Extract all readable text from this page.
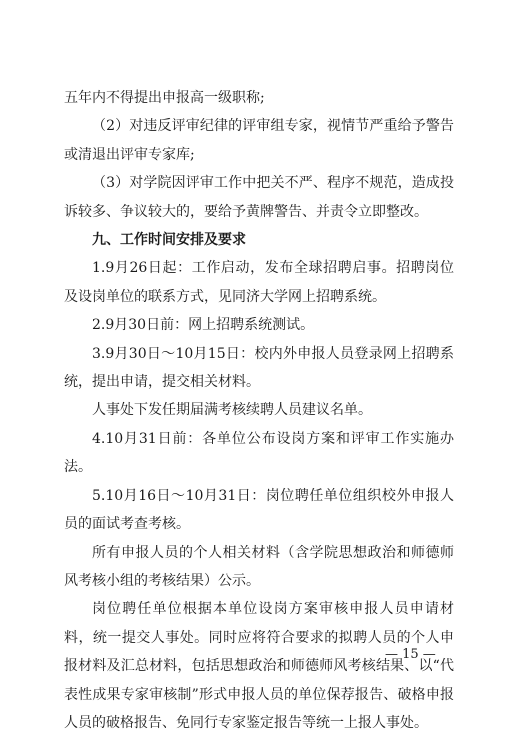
五年内不得提出申报高一级职称;

（2）对违反评审纪律的评审组专家，视情节严重给予警告或清退出评审专家库;

（3）对学院因评审工作中把关不严、程序不规范，造成投诉较多、争议较大的，要给予黄牌警告、并责令立即整改。

九、工作时间安排及要求

1.9月26日起：工作启动，发布全球招聘启事。招聘岗位及设岗单位的联系方式，见同济大学网上招聘系统。

2.9月30日前：网上招聘系统测试。

3.9月30日～10月15日：校内外申报人员登录网上招聘系统，提出申请，提交相关材料。

人事处下发任期届满考核续聘人员建议名单。

4.10月31日前：各单位公布设岗方案和评审工作实施办法。

5.10月16日～10月31日：岗位聘任单位组织校外申报人员的面试考查考核。

所有申报人员的个人相关材料（含学院思想政治和师德师风考核小组的考核结果）公示。

岗位聘任单位根据本单位设岗方案审核申报人员申请材料，统一提交人事处。同时应将符合要求的拟聘人员的个人申报材料及汇总材料，包括思想政治和师德师风考核结果、以“代表性成果专家审核制”形式申报人员的单位保荐报告、破格申报人员的破格报告、免同行专家鉴定报告等统一上报人事处。

— 15 —
